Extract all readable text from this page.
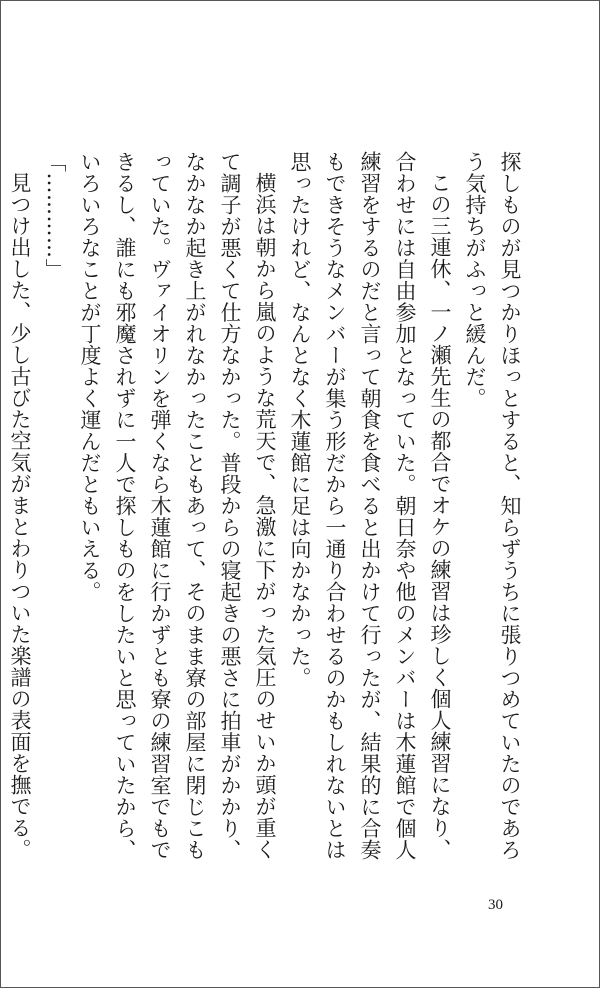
探しものが見つかりほっとすると、知らずうちに張りつめていたのであろう気持ちがふっと緩んだ。

この三連休、一ノ瀬先生の都合でオケの練習は珍しく個人練習になり、合わせには自由参加となっていた。朝日奈や他のメンバーは木蓮館で個人練習をするのだと言って朝食を食べると出かけて行ったが、結果的に合奏もできそうなメンバーが集う形だから一通り合わせるのかもしれないとは思ったけれど、なんとなく木蓮館に足は向かなかった。

横浜は朝から嵐のような荒天で、急激に下がった気圧のせいか頭が重くて調子が悪くて仕方なかった。普段からの寝起きの悪さに拍車がかかり、なかなか起き上がれなかったこともあって、そのまま寮の部屋に閉じこもっていた。ヴァイオリンを弾くなら木蓮館に行かずとも寮の練習室でもできるし、誰にも邪魔されずに一人で探しものをしたいと思っていたから、いろいろなことが丁度よく運んだともいえる。

「…………」

見つけ出した、少し古びた空気がまとわりついた楽譜の表面を撫でる。

30
